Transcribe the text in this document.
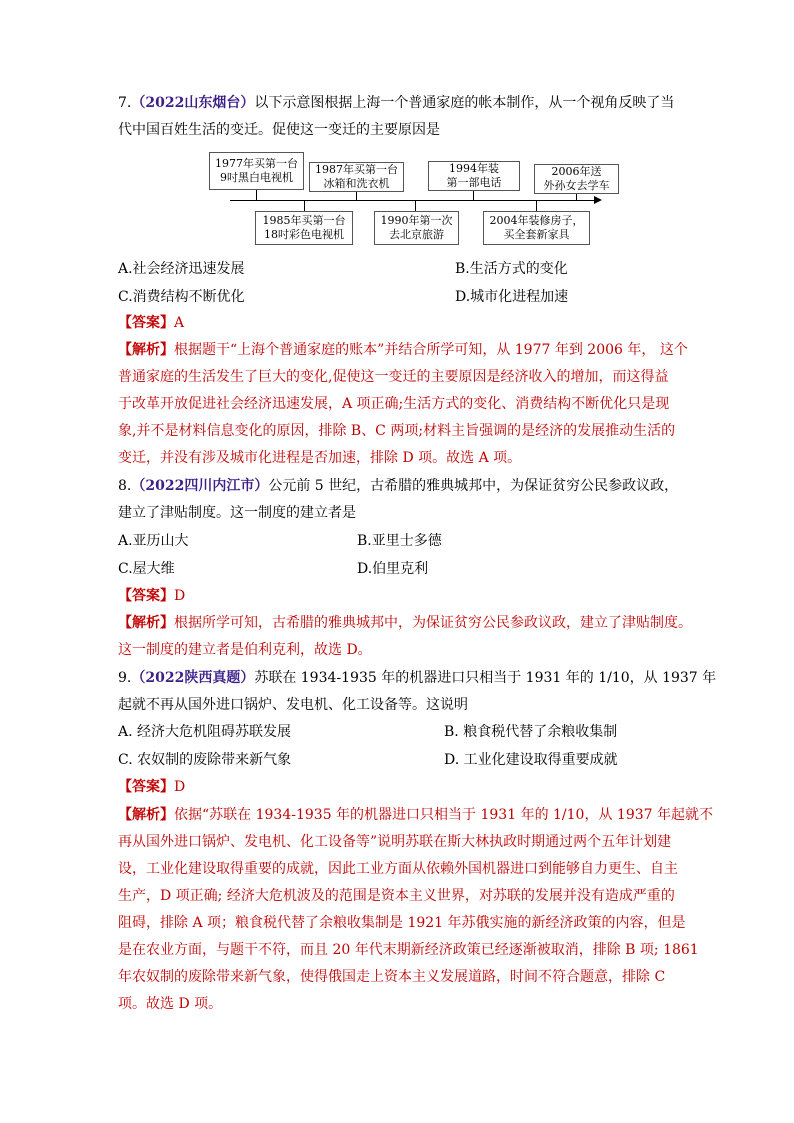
7.（2022山东烟台）以下示意图根据上海一个普通家庭的帐本制作，从一个视角反映了当
代中国百姓生活的变迁。促使这一变迁的主要原因是
1977年买第一台
9吋黑白电视机
1987年买第一台
冰箱和洗衣机
1994年装
第一部电话
2006年送
外孙女去学车
1985年买第一台
18吋彩色电视机
1990年第一次
去北京旅游
2004年装修房子，
买全套新家具
A.社会经济迅速发展	B.生活方式的变化
C.消费结构不断优化	D.城市化进程加速
【答案】A
【解析】根据题干“上海个普通家庭的账本”并结合所学可知，从 1977 年到 2006 年， 这个
普通家庭的生活发生了巨大的变化,促使这一变迁的主要原因是经济收入的增加，而这得益
于改革开放促进社会经济迅速发展，A 项正确;生活方式的变化、消费结构不断优化只是现
象,并不是材料信息变化的原因，排除 B、C 两项;材料主旨强调的是经济的发展推动生活的
变迁，并没有涉及城市化进程是否加速，排除 D 项。故选 A 项。
8.（2022四川内江市）公元前 5 世纪，古希腊的雅典城邦中，为保证贫穷公民参政议政，
建立了津贴制度。这一制度的建立者是
A.亚历山大	B.亚里士多德
C.屋大维	D.伯里克利
【答案】D
【解析】根据所学可知，古希腊的雅典城邦中，为保证贫穷公民参政议政，建立了津贴制度。
这一制度的建立者是伯利克利，故选 D。
9.（2022陕西真题）苏联在 1934-1935 年的机器进口只相当于 1931 年的 1/10，从 1937 年
起就不再从国外进口锅炉、发电机、化工设备等。这说明
A. 经济大危机阻碍苏联发展	B. 粮食税代替了余粮收集制
C. 农奴制的废除带来新气象	D. 工业化建设取得重要成就
【答案】D
【解析】依据“苏联在 1934-1935 年的机器进口只相当于 1931 年的 1/10，从 1937 年起就不
再从国外进口锅炉、发电机、化工设备等”说明苏联在斯大林执政时期通过两个五年计划建
设，工业化建设取得重要的成就，因此工业方面从依赖外国机器进口到能够自力更生、自主
生产，D 项正确; 经济大危机波及的范围是资本主义世界，对苏联的发展并没有造成严重的
阻碍，排除 A 项；粮食税代替了余粮收集制是 1921 年苏俄实施的新经济政策的内容，但是
是在农业方面，与题干不符，而且 20 年代末期新经济政策已经逐渐被取消，排除 B 项; 1861
年农奴制的废除带来新气象，使得俄国走上资本主义发展道路，时间不符合题意，排除 C
项。故选 D 项。
